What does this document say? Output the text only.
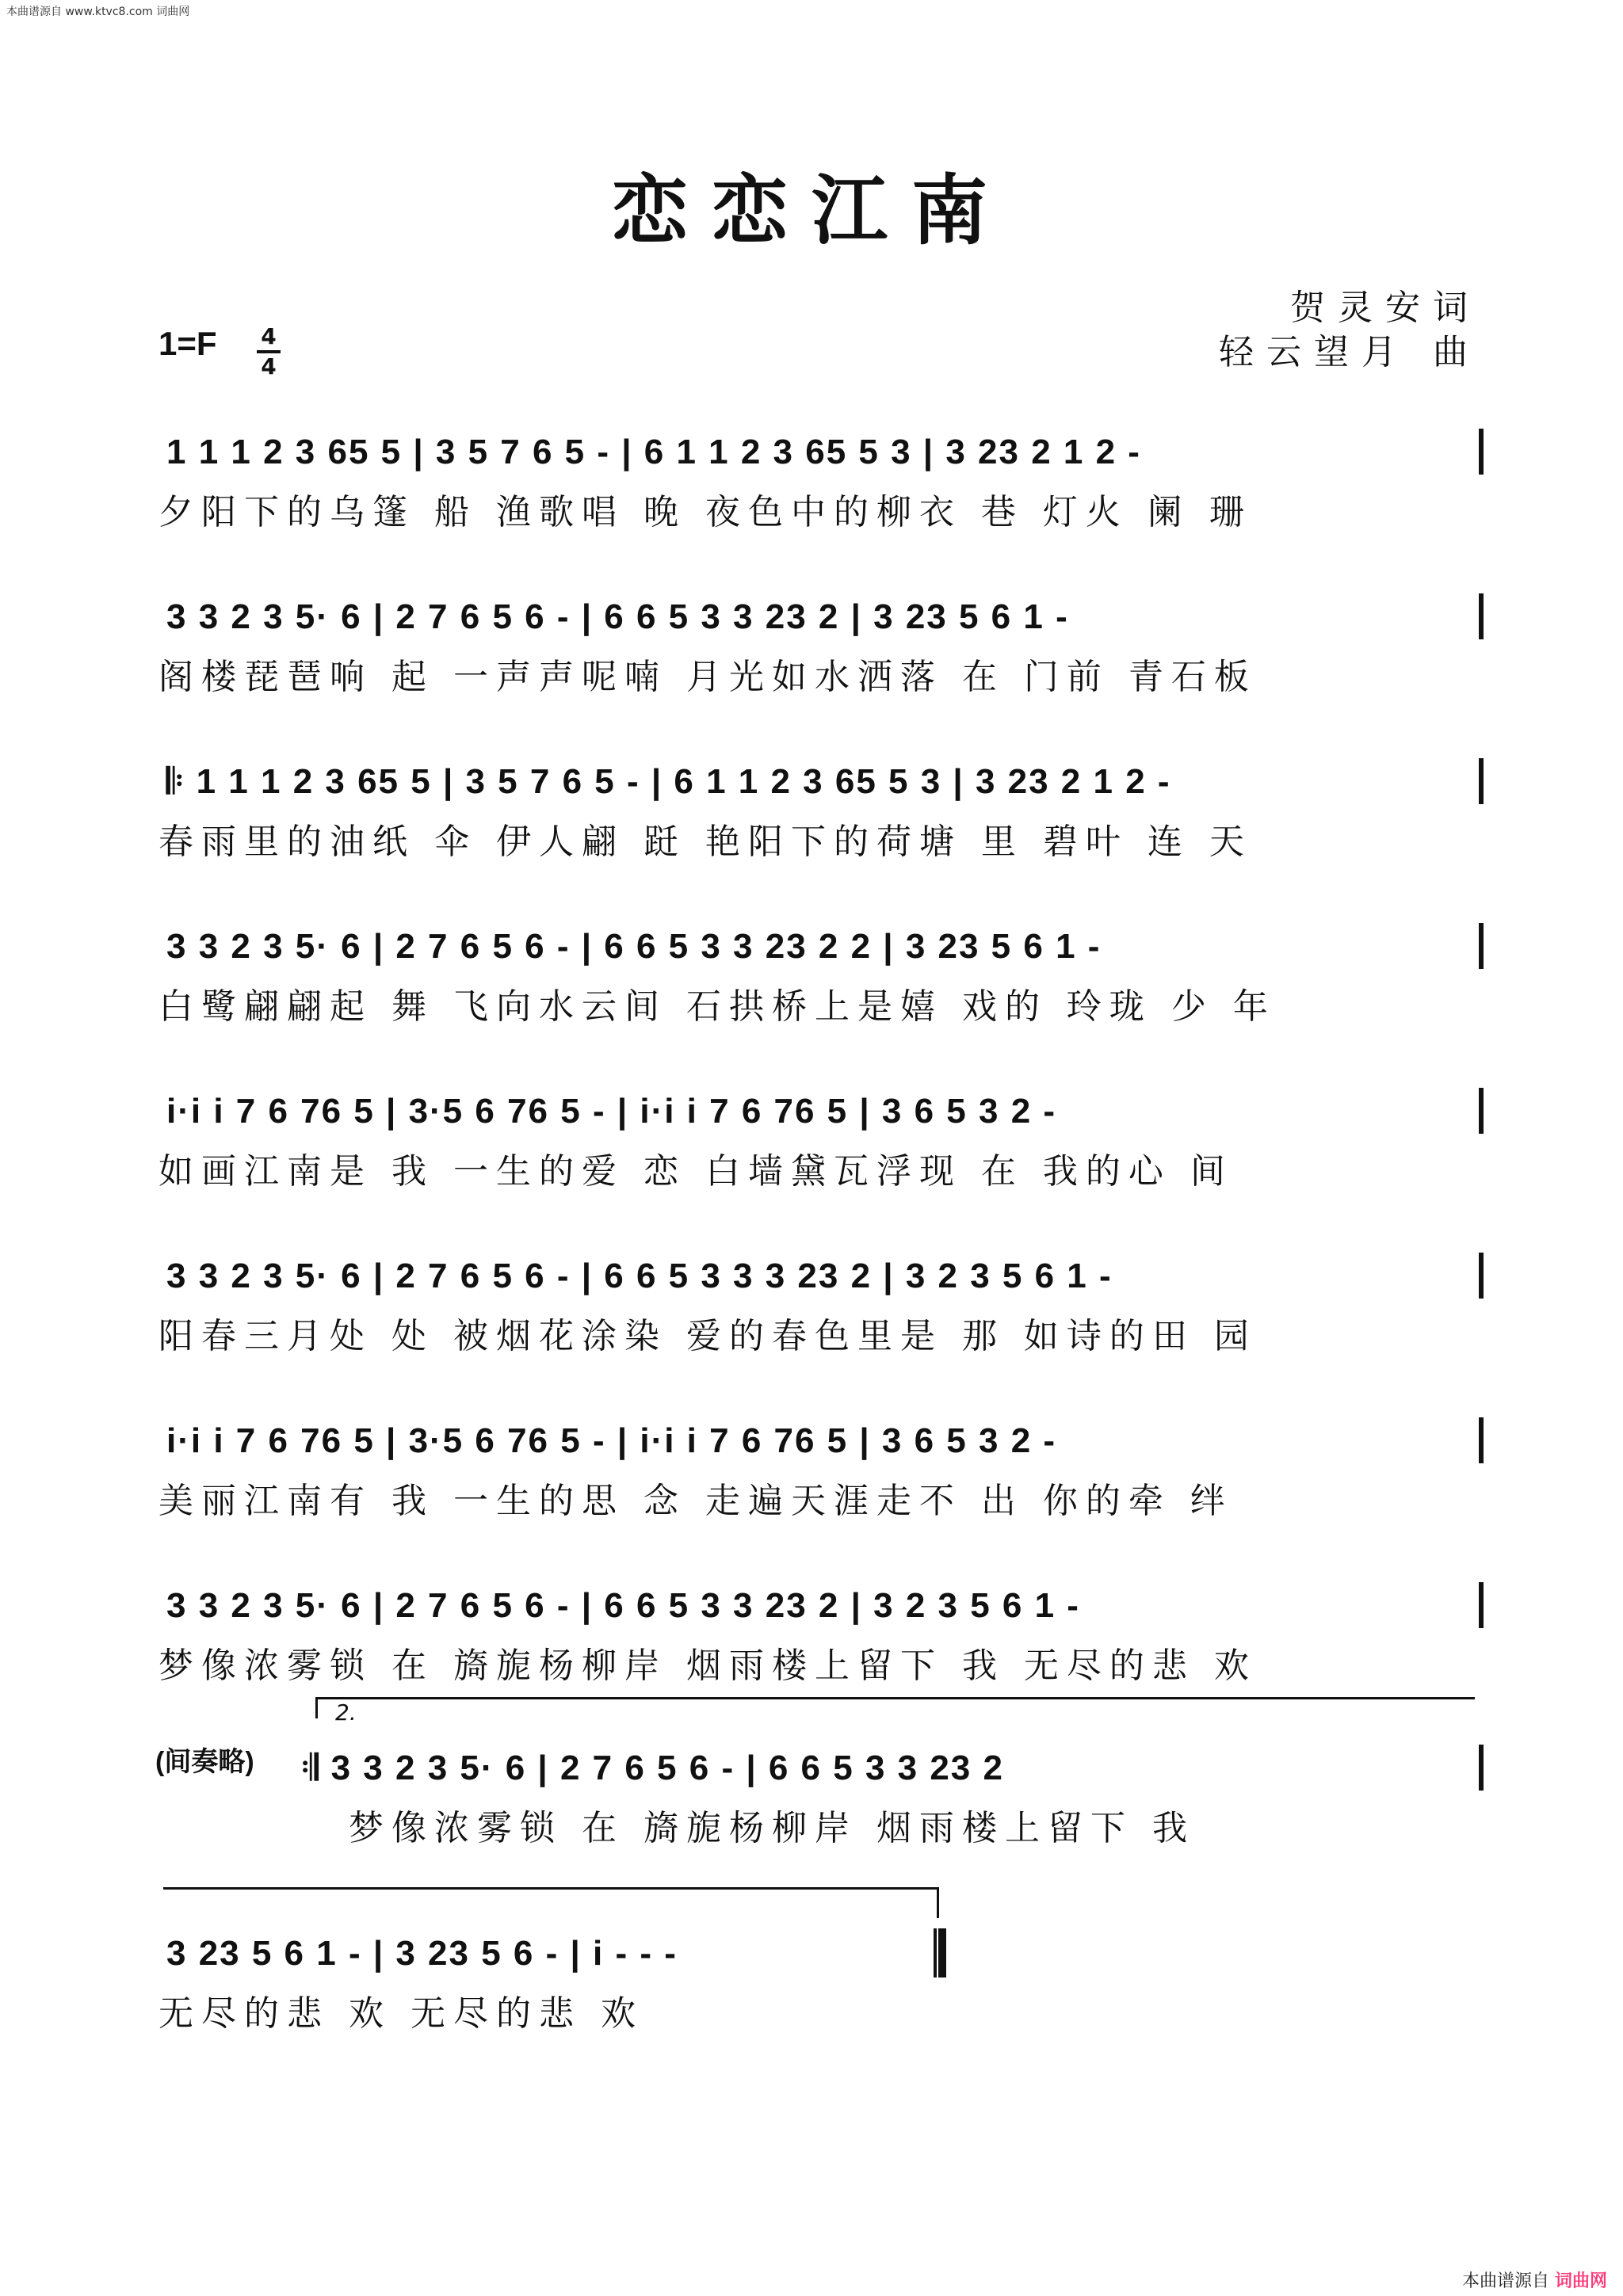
本曲谱源自 www.ktvc8.com 词曲网
恋恋江南
贺灵安词
轻云望月 曲
1=F 4
4
1 1 1 2 3 65 5 | 3 5 7 6 5 - | 6 1 1 2 3 65 5 3 | 3 23 2 1 2 -
夕阳下的乌篷 船 渔歌唱 晚 夜色中的柳衣 巷 灯火 阑 珊
3 3 2 3 5· 6 | 2 7 6 5 6 - | 6 6 5 3 3 23 2 | 3 23 5 6 1 -
阁楼琵琶响 起 一声声呢喃 月光如水洒落 在 门前 青石板
𝄆 1 1 1 2 3 65 5 | 3 5 7 6 5 - | 6 1 1 2 3 65 5 3 | 3 23 2 1 2 -
春雨里的油纸 伞 伊人翩 跹 艳阳下的荷塘 里 碧叶 连 天
3 3 2 3 5· 6 | 2 7 6 5 6 - | 6 6 5 3 3 23 2 2 | 3 23 5 6 1 -
白鹭翩翩起 舞 飞向水云间 石拱桥上是嬉 戏的 玲珑 少 年
i·i i 7 6 76 5 | 3·5 6 76 5 - | i·i i 7 6 76 5 | 3 6 5 3 2 -
如画江南是 我 一生的爱 恋 白墙黛瓦浮现 在 我的心 间
3 3 2 3 5· 6 | 2 7 6 5 6 - | 6 6 5 3 3 3 23 2 | 3 2 3 5 6 1 -
阳春三月处 处 被烟花涂染 爱的春色里是 那 如诗的田 园
i·i i 7 6 76 5 | 3·5 6 76 5 - | i·i i 7 6 76 5 | 3 6 5 3 2 -
美丽江南有 我 一生的思 念 走遍天涯走不 出 你的牵 绊
3 3 2 3 5· 6 | 2 7 6 5 6 - | 6 6 5 3 3 23 2 | 3 2 3 5 6 1 -
梦像浓雾锁 在 旖旎杨柳岸 烟雨楼上留下 我 无尽的悲 欢
2.
(间奏略) 𝄇 3 3 2 3 5· 6 | 2 7 6 5 6 - | 6 6 5 3 3 23 2
梦像浓雾锁 在 旖旎杨柳岸 烟雨楼上留下 我
3 23 5 6 1 - | 3 23 5 6 - | i - - -
无尽的悲 欢 无尽的悲 欢
本曲谱源自 词曲网
